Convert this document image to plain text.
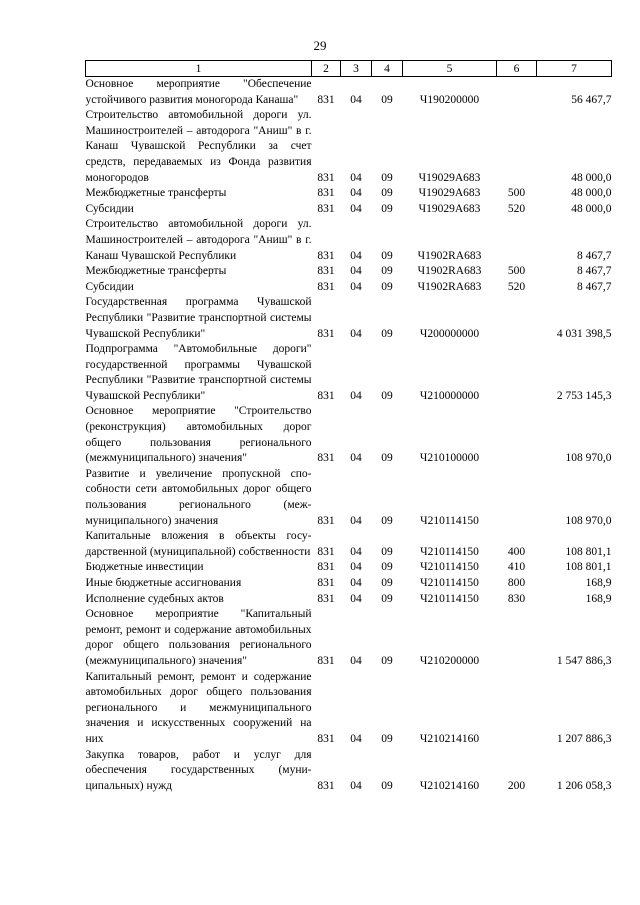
29
1	2	3	4	5	6	7
Основное мероприятие "Обеспечение устойчивого развития моногорода Канаша"	831	04	09	Ч190200000		56 467,7
Строительство автомобильной дороги ул. Машиностроителей – автодорога "Аниш" в г. Канаш Чувашской Республики за счет средств, передаваемых из Фонда развития моногородов	831	04	09	Ч19029А683		48 000,0
Межбюджетные трансферты	831	04	09	Ч19029А683	500	48 000,0
Субсидии	831	04	09	Ч19029А683	520	48 000,0
Строительство автомобильной дороги ул. Машиностроителей – автодорога "Аниш" в г. Канаш Чувашской Республики	831	04	09	Ч1902RA683		8 467,7
Межбюджетные трансферты	831	04	09	Ч1902RA683	500	8 467,7
Субсидии	831	04	09	Ч1902RA683	520	8 467,7
Государственная программа Чувашской Республики "Развитие транспортной системы Чувашской Республики"	831	04	09	Ч200000000		4 031 398,5
Подпрограмма "Автомобильные дороги" государственной программы Чувашской Республики "Развитие транспортной системы Чувашской Республики"	831	04	09	Ч210000000		2 753 145,3
Основное мероприятие "Строительство (реконструкция) автомобильных дорог общего пользования регионального (межмуниципального) значения"	831	04	09	Ч210100000		108 970,0
Развитие и увеличение пропускной способности сети автомобильных дорог общего пользования регионального (межмуниципального) значения	831	04	09	Ч210114150		108 970,0
Капитальные вложения в объекты государственной (муниципальной) собственности	831	04	09	Ч210114150	400	108 801,1
Бюджетные инвестиции	831	04	09	Ч210114150	410	108 801,1
Иные бюджетные ассигнования	831	04	09	Ч210114150	800	168,9
Исполнение судебных актов	831	04	09	Ч210114150	830	168,9
Основное мероприятие "Капитальный ремонт, ремонт и содержание автомобильных дорог общего пользования регионального (межмуниципального) значения"	831	04	09	Ч210200000		1 547 886,3
Капитальный ремонт, ремонт и содержание автомобильных дорог общего пользования регионального и межмуниципального значения и искусственных сооружений на них	831	04	09	Ч210214160		1 207 886,3
Закупка товаров, работ и услуг для обеспечения государственных (муниципальных) нужд	831	04	09	Ч210214160	200	1 206 058,3
